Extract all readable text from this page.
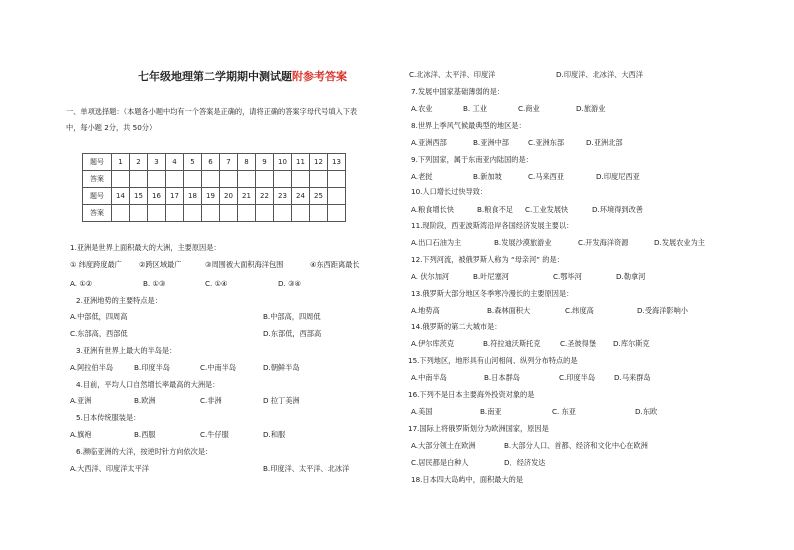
七年级地理第二学期期中测试题附参考答案
一、单项选择题：（本题各小题中均有一个答案是正确的，请将正确的答案字母代号填入下表
中，每小题 2分，共 50分）
题号	1	2	3	4	5	6	7	8	9	10	11	12	13
答案													
题号	14	15	16	17	18	19	20	21	22	23	24	25	
答案													
1.亚洲是世界上面积最大的大洲，主要原因是：
① 纬度跨度最广 ②跨区域最广	③周围被大面积海洋包围	④东西距离最长
A. ①②	B. ①③	C. ①④	D. ③④
2.亚洲地势的主要特点是：
A.中部低，四周高	B.中部高，四周低
C.东部高，西部低	D.东部低，西部高
3.亚洲有世界上最大的半岛是：
A.阿拉伯半岛	B.印度半岛	C.中南半岛	D.朝鲜半岛
4.目前，平均人口自然增长率最高的大洲是：
A.亚洲	B.欧洲	C.非洲	D 拉丁美洲
5.日本传统服装是：
A.旗袍	B.西服	C.牛仔服	D.和服
6.濒临亚洲的大洋，按逆时针方向依次是：
A.大西洋、印度洋太平洋	B.印度洋、太平洋、北冰洋
C.北冰洋、太平洋、印度洋	D.印度洋、北冰洋、大西洋
7.发展中国家基础薄弱的是：
A.农业	B. 工业	C.商业	D.旅游业
8.世界上季风气候最典型的地区是：
A.亚洲西部	B.亚洲中部	C.亚洲东部	D.亚洲北部
9.下列国家，属于东南亚内陆国的是：
A.老挝	B.新加坡	C.马来西亚	D.印度尼西亚
10.人口增长过快导致：
A.粮食增长快	B.粮食不足 C.工业发展快	D.环境得到改善
11.现阶段，西亚波斯湾沿岸各国经济发展主要以：
A.出口石油为主	B.发展沙漠旅游业	C.开发海洋资源	D.发展农业为主
12.下列河流，被俄罗斯人称为 “母亲河” 的是：
A. 伏尔加河	B.叶尼塞河	C.鄂毕河	D.勒拿河
13.俄罗斯大部分地区冬季寒冷漫长的主要原因是：
A.地势高	B.森林面积大	C.纬度高	D.受海洋影响小
14.俄罗斯的第二大城市是：
A.伊尔库茨克	B.符拉迪沃斯托克	C.圣彼得堡 D.库尔斯克
15.下列地区，地形具有山河相间、纵列分布特点的是
A.中南半岛	B.日本群岛	C.印度半岛	D.马来群岛
16.下列不是日本主要海外投资对象的是
A.美国	B.南亚	C. 东亚	D.东欧
17.国际上将俄罗斯划分为欧洲国家，原因是
A.大部分领土在欧洲	B.大部分人口、首都、经济和文化中心在欧洲
C.居民都是白种人	D．经济发达
18.日本四大岛屿中，面积最大的是
